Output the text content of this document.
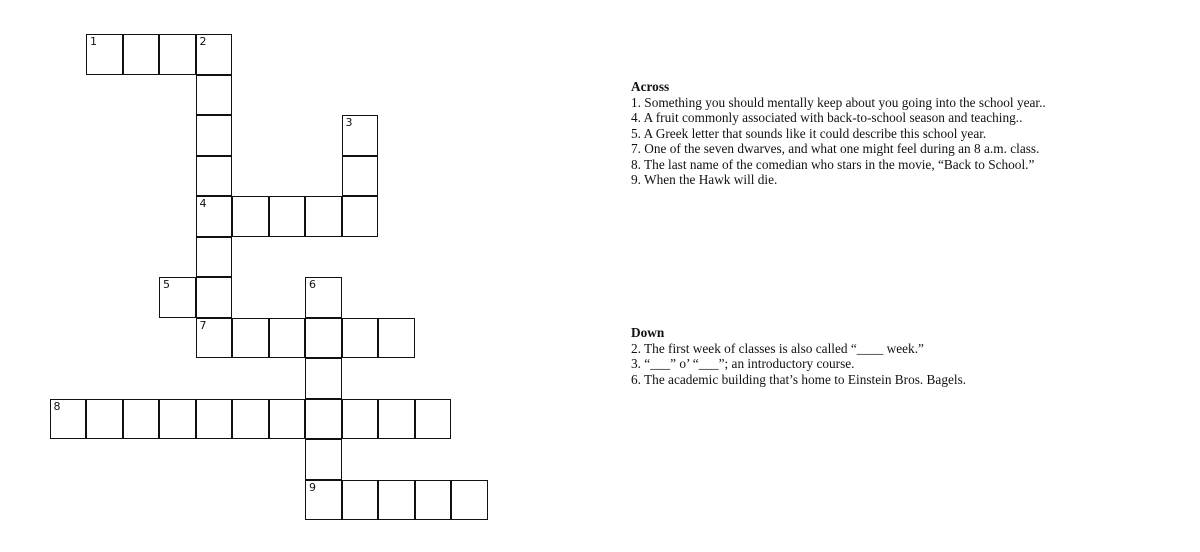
1	2
3
4
5	6
7
8
9
Across
1. Something you should mentally keep about you going into the school year..
4. A fruit commonly associated with back-to-school season and teaching..
5. A Greek letter that sounds like it could describe this school year.
7. One of the seven dwarves, and what one might feel during an 8 a.m. class.
8. The last name of the comedian who stars in the movie, “Back to School.”
9. When the Hawk will die.
Down
2. The first week of classes is also called “____ week.”
3. “___” o’ “___”; an introductory course.
6. The academic building that’s home to Einstein Bros. Bagels.
